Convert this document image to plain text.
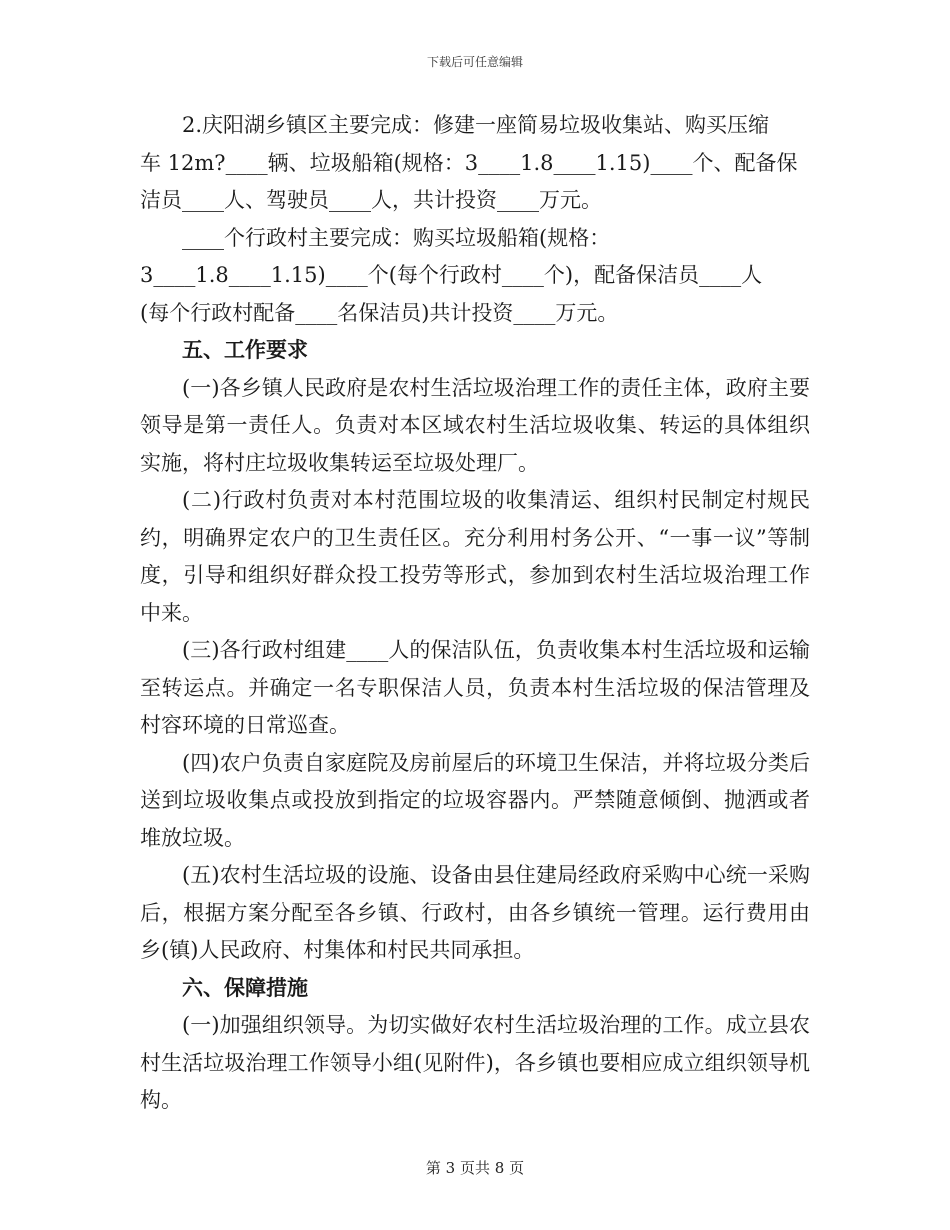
下载后可任意编辑
2.庆阳湖乡镇区主要完成：修建一座简易垃圾收集站、购买压缩
车 12m?____辆、垃圾船箱(规格：3____1.8____1.15)____个、配备保
洁员____人、驾驶员____人，共计投资____万元。
____个行政村主要完成：购买垃圾船箱(规格：
3____1.8____1.15)____个(每个行政村____个)，配备保洁员____人
(每个行政村配备____名保洁员)共计投资____万元。
五、工作要求

(一)各乡镇人民政府是农村生活垃圾治理工作的责任主体，政府主要领导是第一责任人。负责对本区域农村生活垃圾收集、转运的具体组织实施，将村庄垃圾收集转运至垃圾处理厂。

(二)行政村负责对本村范围垃圾的收集清运、组织村民制定村规民约，明确界定农户的卫生责任区。充分利用村务公开、“一事一议”等制度，引导和组织好群众投工投劳等形式，参加到农村生活垃圾治理工作中来。

(三)各行政村组建____人的保洁队伍，负责收集本村生活垃圾和运输至转运点。并确定一名专职保洁人员，负责本村生活垃圾的保洁管理及村容环境的日常巡查。

(四)农户负责自家庭院及房前屋后的环境卫生保洁，并将垃圾分类后送到垃圾收集点或投放到指定的垃圾容器内。严禁随意倾倒、抛洒或者堆放垃圾。

(五)农村生活垃圾的设施、设备由县住建局经政府采购中心统一采购后，根据方案分配至各乡镇、行政村，由各乡镇统一管理。运行费用由乡(镇)人民政府、村集体和村民共同承担。

六、保障措施

(一)加强组织领导。为切实做好农村生活垃圾治理的工作。成立县农村生活垃圾治理工作领导小组(见附件)，各乡镇也要相应成立组织领导机构。

第 3 页共 8 页
